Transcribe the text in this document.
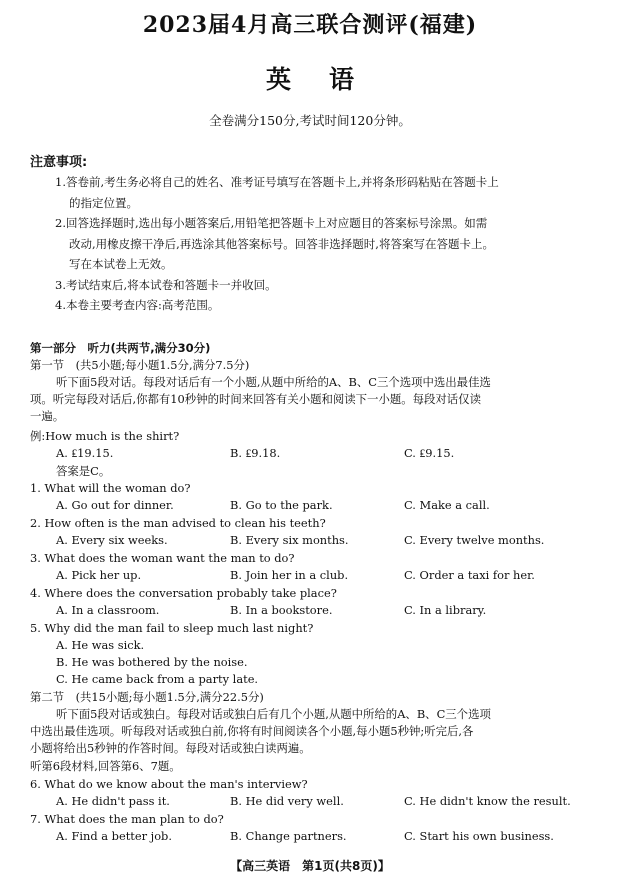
2023届4月高三联合测评(福建)
英语
全卷满分150分,考试时间120分钟。
注意事项:
1.答卷前,考生务必将自己的姓名、准考证号填写在答题卡上,并将条形码粘贴在答题卡上
的指定位置。
2.回答选择题时,选出每小题答案后,用铅笔把答题卡上对应题目的答案标号涂黑。如需
改动,用橡皮擦干净后,再选涂其他答案标号。回答非选择题时,将答案写在答题卡上。
写在本试卷上无效。
3.考试结束后,将本试卷和答题卡一并收回。
4.本卷主要考查内容:高考范围。
第一部分　听力(共两节,满分30分)
第一节　(共5小题;每小题1.5分,满分7.5分)
听下面5段对话。每段对话后有一个小题,从题中所给的A、B、C三个选项中选出最佳选
项。听完每段对话后,你都有10秒钟的时间来回答有关小题和阅读下一小题。每段对话仅读
一遍。
例:How much is the shirt?
A. ₤19.15.	B. ₤9.18.	C. ₤9.15.
答案是C。
1. What will the woman do?
A. Go out for dinner.	B. Go to the park.	C. Make a call.
2. How often is the man advised to clean his teeth?
A. Every six weeks.	B. Every six months.	C. Every twelve months.
3. What does the woman want the man to do?
A. Pick her up.	B. Join her in a club.	C. Order a taxi for her.
4. Where does the conversation probably take place?
A. In a classroom.	B. In a bookstore.	C. In a library.
5. Why did the man fail to sleep much last night?
A. He was sick.
B. He was bothered by the noise.
C. He came back from a party late.
第二节　(共15小题;每小题1.5分,满分22.5分)
听下面5段对话或独白。每段对话或独白后有几个小题,从题中所给的A、B、C三个选项
中选出最佳选项。听每段对话或独白前,你将有时间阅读各个小题,每小题5秒钟;听完后,各
小题将给出5秒钟的作答时间。每段对话或独白读两遍。
听第6段材料,回答第6、7题。
6. What do we know about the man's interview?
A. He didn't pass it.	B. He did very well.	C. He didn't know the result.
7. What does the man plan to do?
A. Find a better job.	B. Change partners.	C. Start his own business.
【高三英语　第1页(共8页)】
